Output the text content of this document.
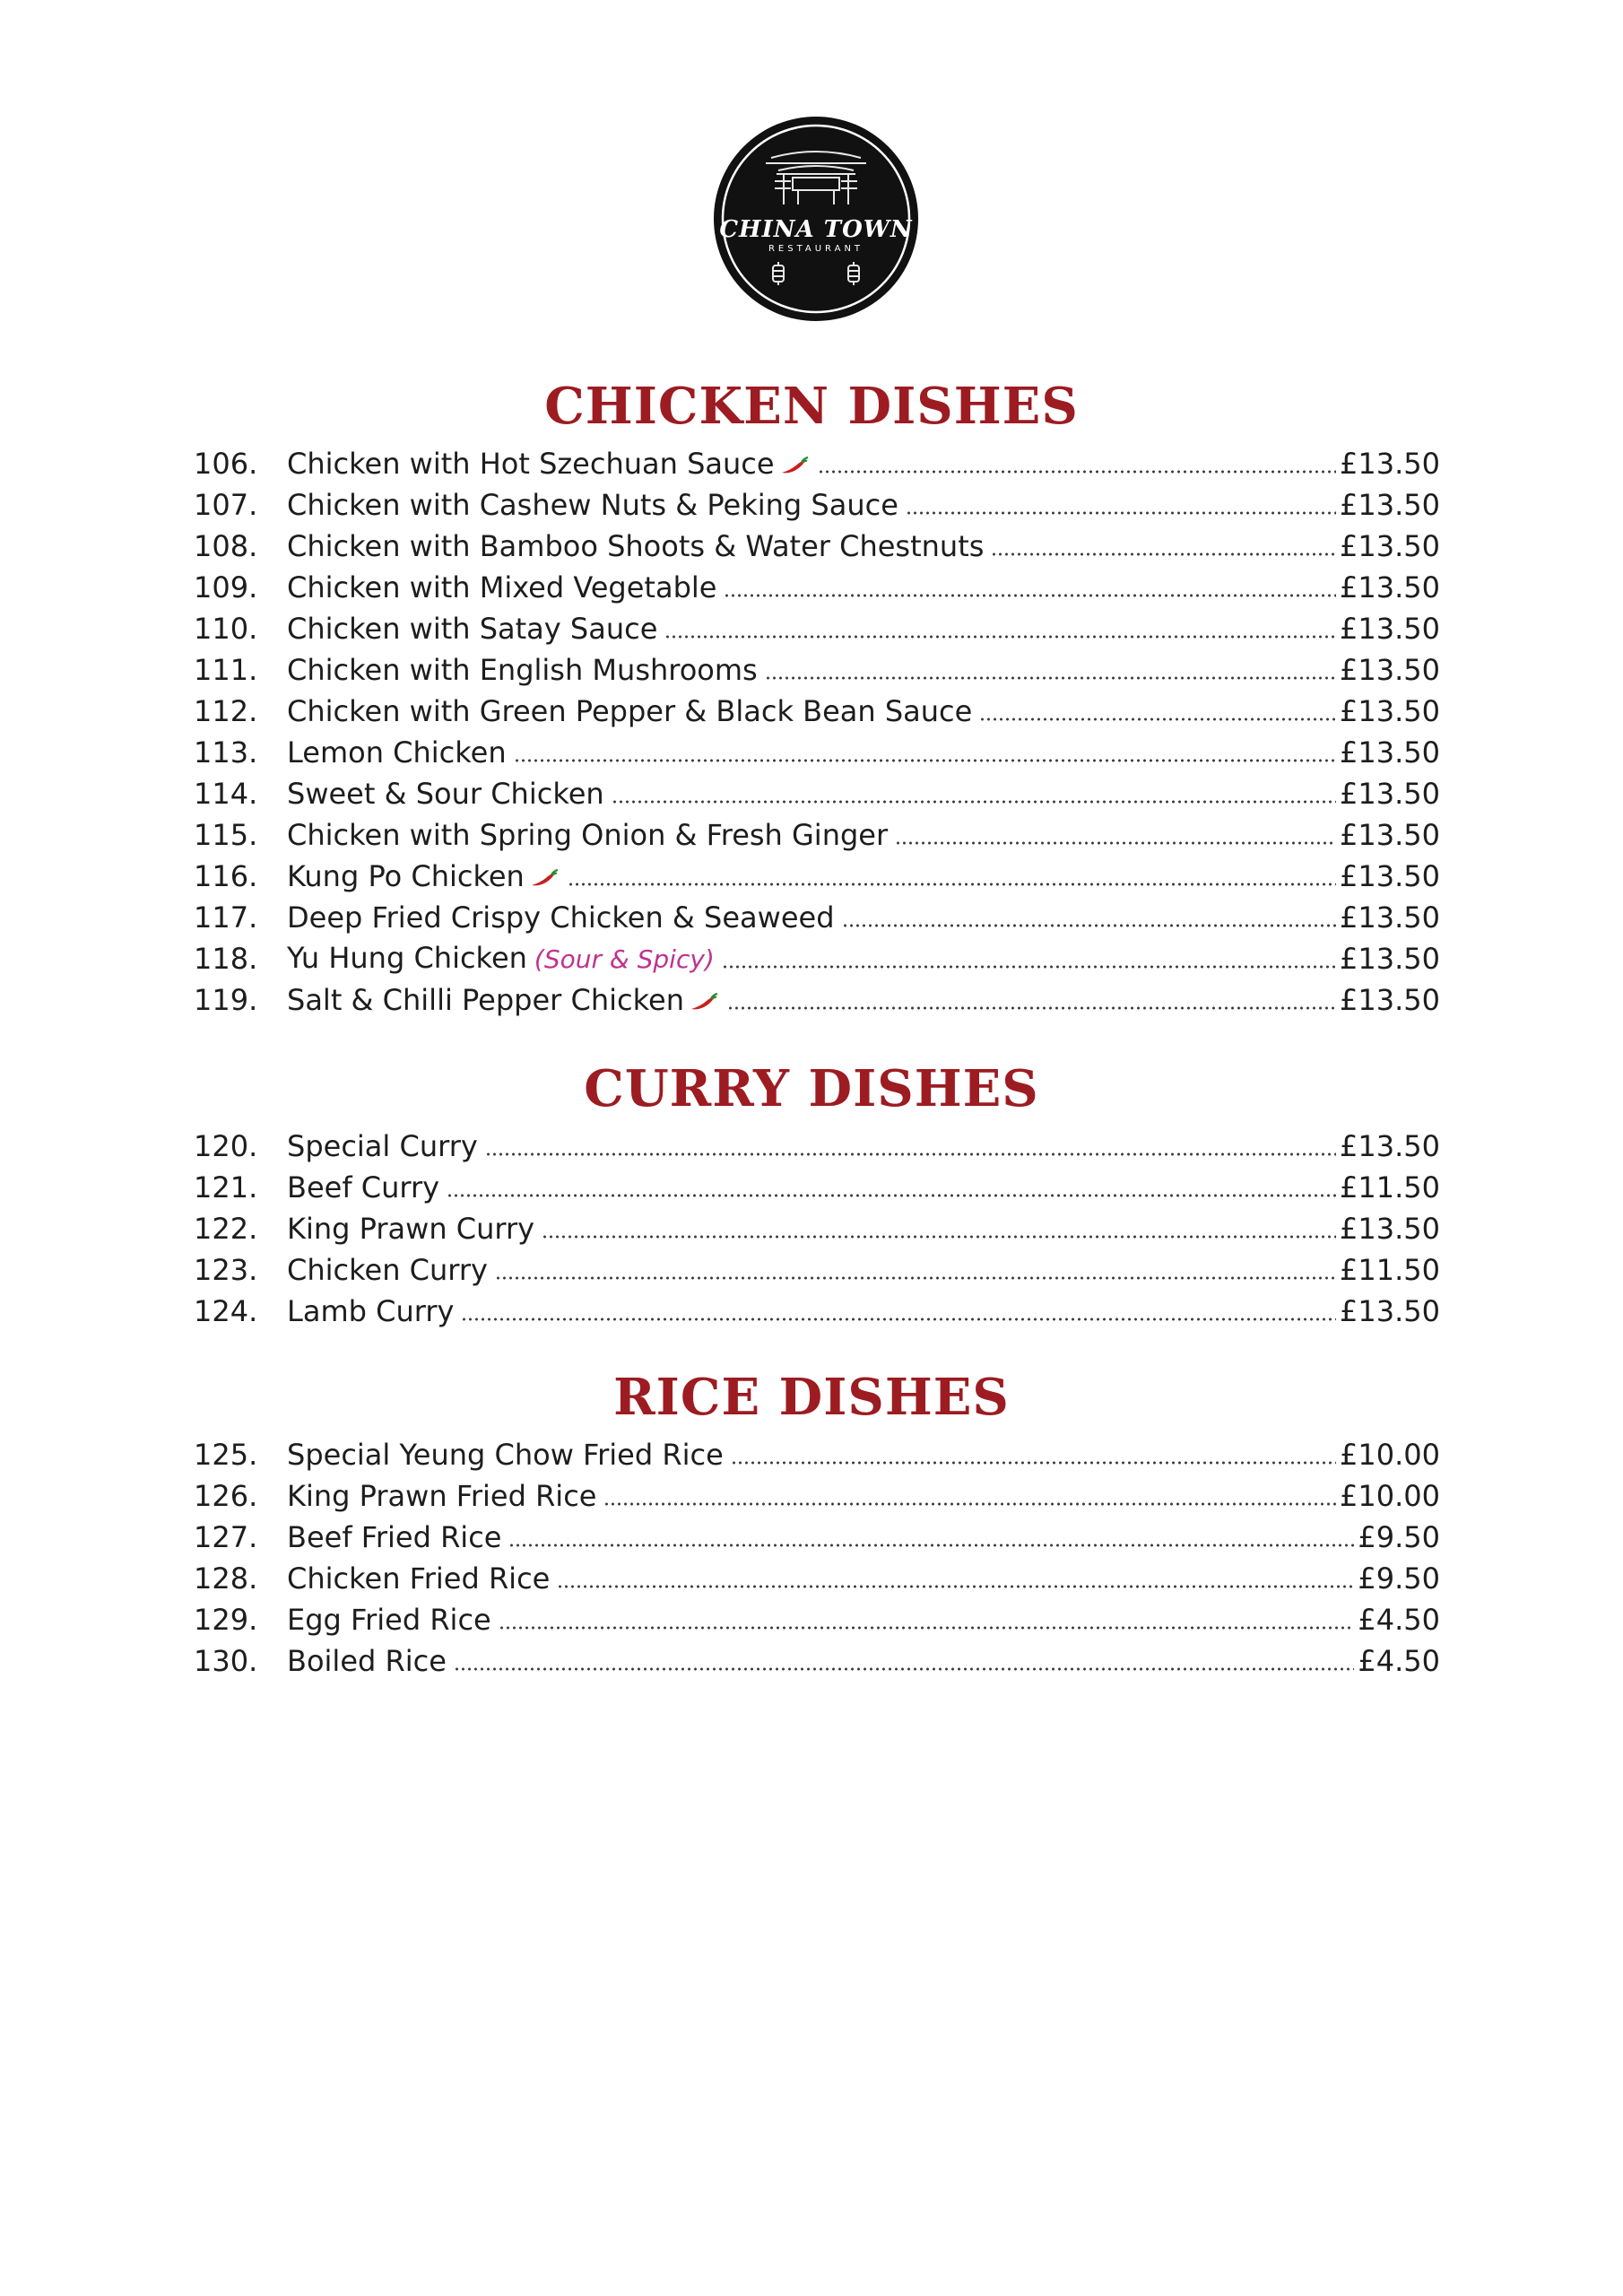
CHINA TOWN
RESTAURANT
CHICKEN DISHES
106.	Chicken with Hot Szechuan Sauce	£13.50
107.	Chicken with Cashew Nuts & Peking Sauce	£13.50
108.	Chicken with Bamboo Shoots & Water Chestnuts	£13.50
109.	Chicken with Mixed Vegetable	£13.50
110.	Chicken with Satay Sauce	£13.50
111.	Chicken with English Mushrooms	£13.50
112.	Chicken with Green Pepper & Black Bean Sauce	£13.50
113.	Lemon Chicken	£13.50
114.	Sweet & Sour Chicken	£13.50
115.	Chicken with Spring Onion & Fresh Ginger	£13.50
116.	Kung Po Chicken	£13.50
117.	Deep Fried Crispy Chicken & Seaweed	£13.50
118.	Yu Hung Chicken (Sour & Spicy)	£13.50
119.	Salt & Chilli Pepper Chicken	£13.50
CURRY DISHES
120.	Special Curry	£13.50
121.	Beef Curry	£11.50
122.	King Prawn Curry	£13.50
123.	Chicken Curry	£11.50
124.	Lamb Curry	£13.50
RICE DISHES
125.	Special Yeung Chow Fried Rice	£10.00
126.	King Prawn Fried Rice	£10.00
127.	Beef Fried Rice	£9.50
128.	Chicken Fried Rice	£9.50
129.	Egg Fried Rice	£4.50
130.	Boiled Rice	£4.50
